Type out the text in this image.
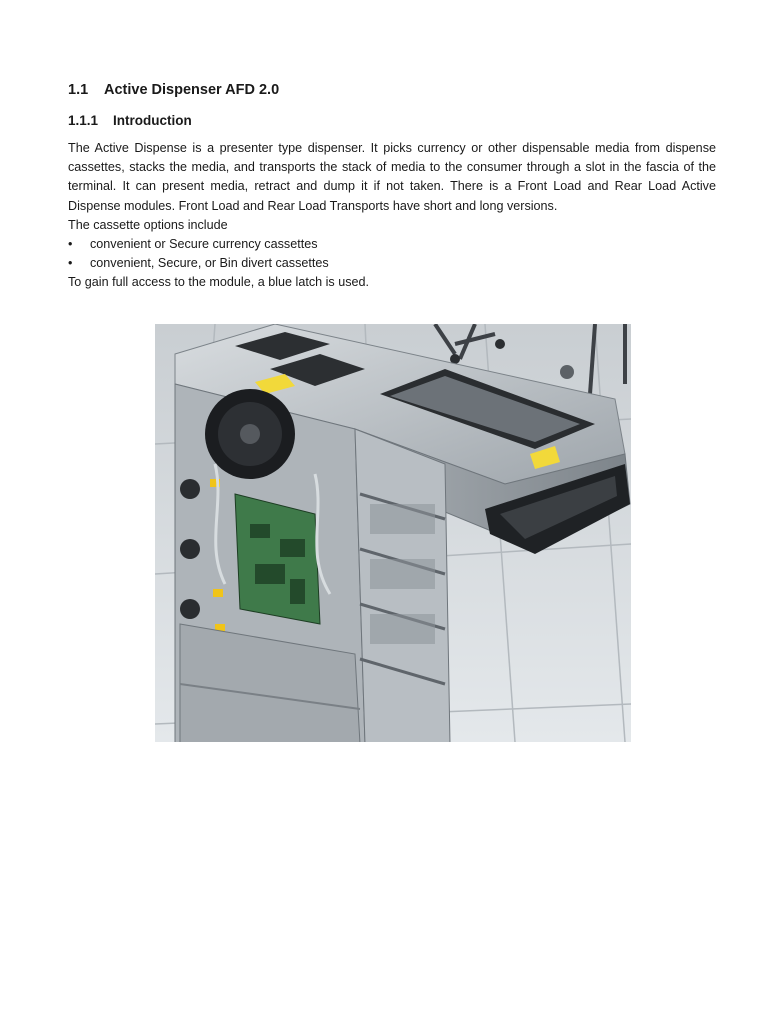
1.1 Active Dispenser AFD 2.0
1.1.1 Introduction

The Active Dispense is a presenter type dispenser. It picks currency or other dispensable media from dispense cassettes, stacks the media, and transports the stack of media to the consumer through a slot in the fascia of the terminal. It can present media, retract and dump it if not taken. There is a Front Load and Rear Load Active Dispense modules. Front Load and Rear Load Transports have short and long versions.

The cassette options include

• convenient or Secure currency cassettes
• convenient, Secure, or Bin divert cassettes

To gain full access to the module, a blue latch is used.
